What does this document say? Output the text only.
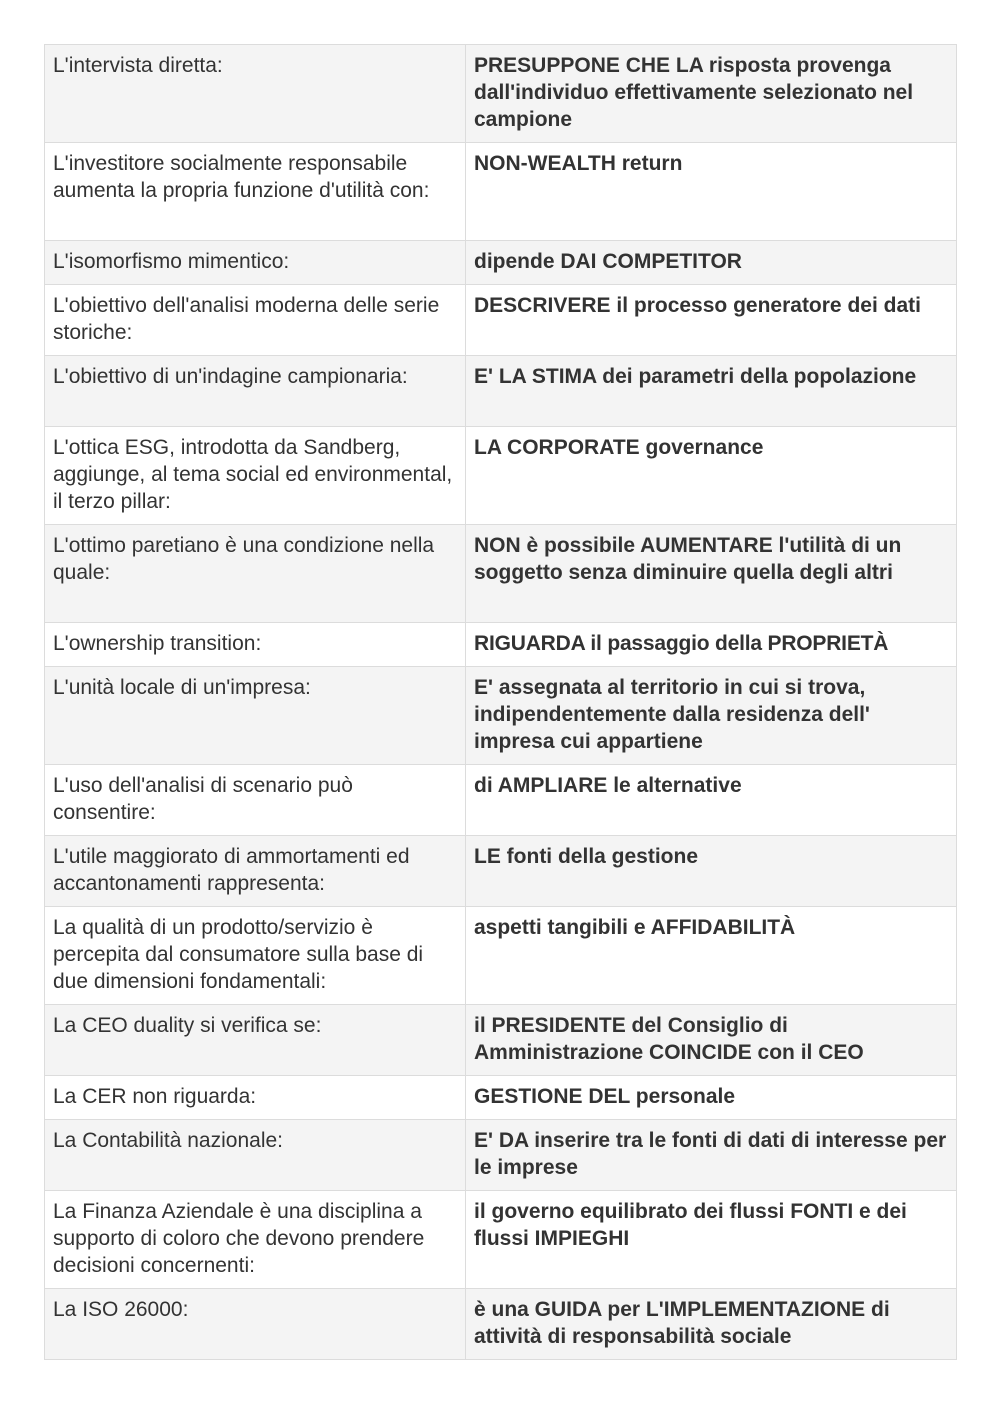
L'intervista diretta:	PRESUPPONE CHE LA risposta provenga dall'individuo effettivamente selezionato nel campione
L'investitore socialmente responsabile aumenta la propria funzione d'utilità con:	NON-WEALTH return
L'isomorfismo mimentico:	dipende DAI COMPETITOR
L'obiettivo dell'analisi moderna delle serie storiche:	DESCRIVERE il processo generatore dei dati
L'obiettivo di un'indagine campionaria:	E' LA STIMA dei parametri della popolazione
L'ottica ESG, introdotta da Sandberg, aggiunge, al tema social ed environmental, il terzo pillar:	LA CORPORATE governance
L'ottimo paretiano è una condizione nella quale:	NON è possibile AUMENTARE l'utilità di un soggetto senza diminuire quella degli altri
L'ownership transition:	RIGUARDA il passaggio della PROPRIETÀ
L'unità locale di un'impresa:	E' assegnata al territorio in cui si trova, indipendentemente dalla residenza dell' impresa cui appartiene
L'uso dell'analisi di scenario può consentire:	di AMPLIARE le alternative
L'utile maggiorato di ammortamenti ed accantonamenti rappresenta:	LE fonti della gestione
La qualità di un prodotto/servizio è percepita dal consumatore sulla base di due dimensioni fondamentali:	aspetti tangibili e AFFIDABILITÀ
La CEO duality si verifica se:	il PRESIDENTE del Consiglio di Amministrazione COINCIDE con il CEO
La CER non riguarda:	GESTIONE DEL personale
La Contabilità nazionale:	E' DA inserire tra le fonti di dati di interesse per le imprese
La Finanza Aziendale è una disciplina a supporto di coloro che devono prendere decisioni concernenti:	il governo equilibrato dei flussi FONTI e dei flussi IMPIEGHI
La ISO 26000:	è una GUIDA per L'IMPLEMENTAZIONE di attività di responsabilità sociale
